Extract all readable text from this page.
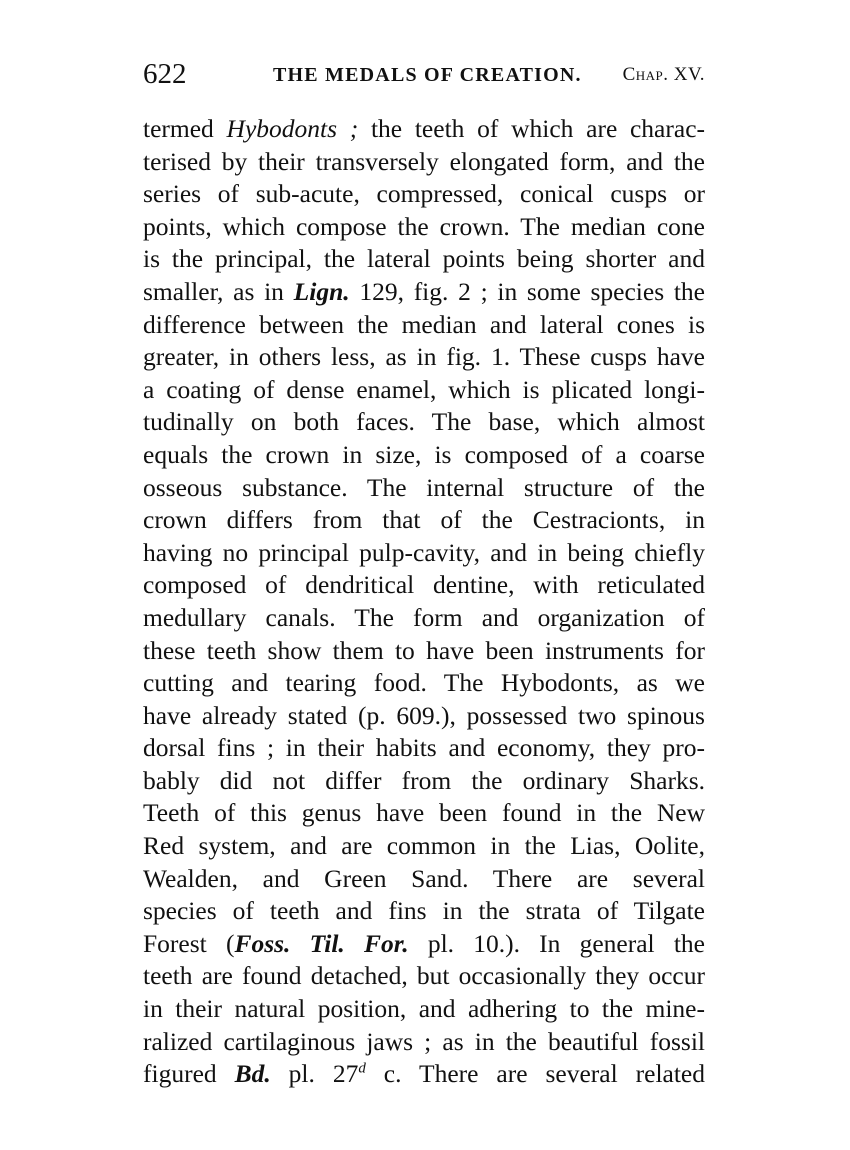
622	THE MEDALS OF CREATION. Chap. XV.
termed Hybodonts ; the teeth of which are charac-
terised by their transversely elongated form, and the
series of sub-acute, compressed, conical cusps or
points, which compose the crown. The median cone
is the principal, the lateral points being shorter and
smaller, as in Lign. 129, fig. 2 ; in some species the
difference between the median and lateral cones is
greater, in others less, as in fig. 1. These cusps have
a coating of dense enamel, which is plicated longi-
tudinally on both faces. The base, which almost
equals the crown in size, is composed of a coarse
osseous substance. The internal structure of the
crown differs from that of the Cestracionts, in
having no principal pulp-cavity, and in being chiefly
composed of dendritical dentine, with reticulated
medullary canals. The form and organization of
these teeth show them to have been instruments for
cutting and tearing food. The Hybodonts, as we
have already stated (p. 609.), possessed two spinous
dorsal fins ; in their habits and economy, they pro-
bably did not differ from the ordinary Sharks.
Teeth of this genus have been found in the New
Red system, and are common in the Lias, Oolite,
Wealden, and Green Sand. There are several
species of teeth and fins in the strata of Tilgate
Forest (Foss. Til. For. pl. 10.). In general the
teeth are found detached, but occasionally they occur
in their natural position, and adhering to the mine-
ralized cartilaginous jaws ; as in the beautiful fossil
figured Bd. pl. 27$^d$ c. There are several related
